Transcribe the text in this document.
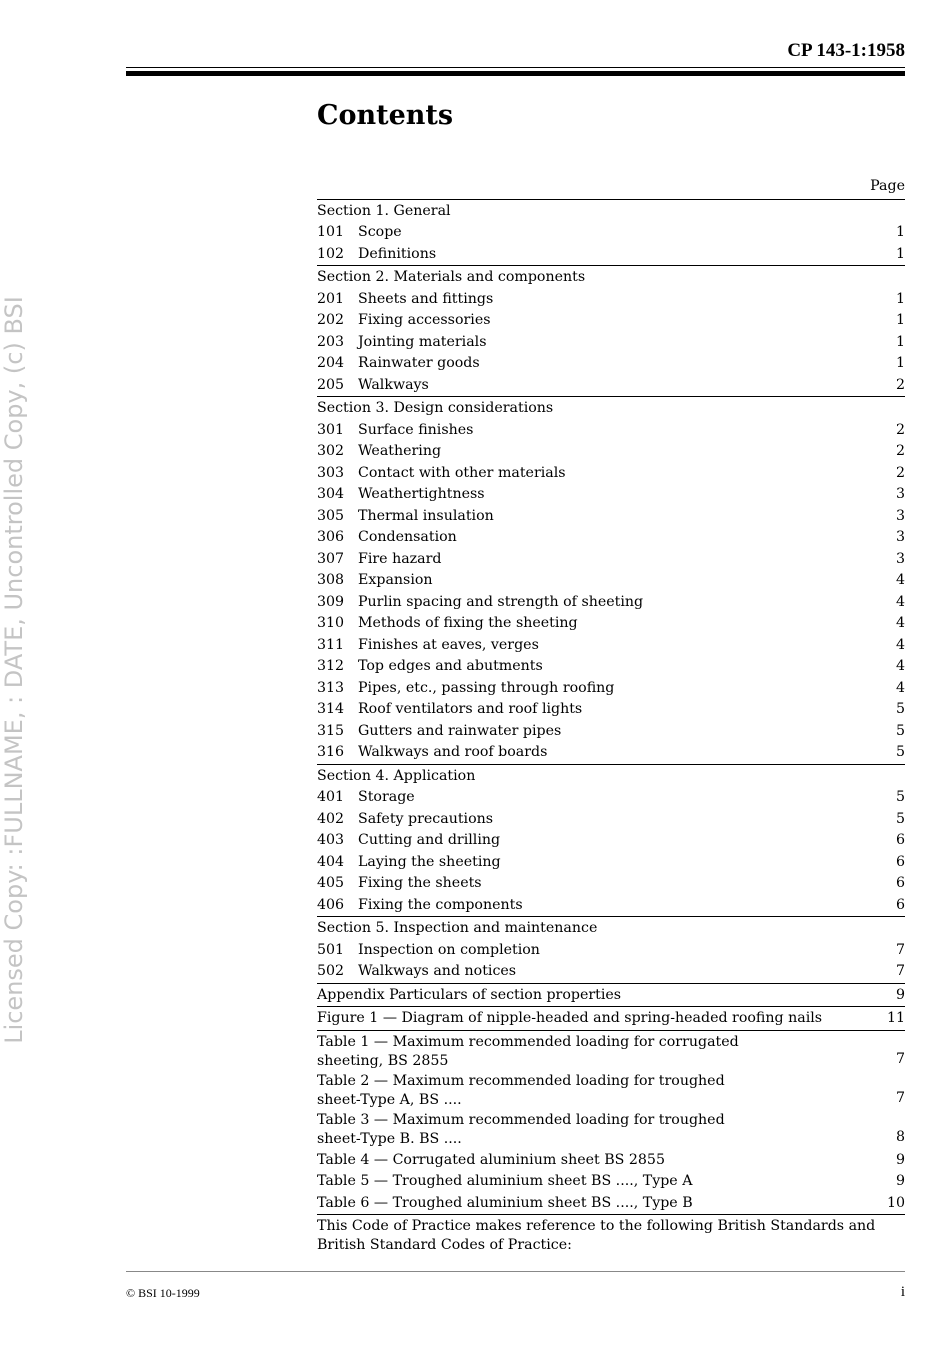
Licensed Copy: :FULLNAME, : DATE, Uncontrolled Copy, (c) BSI
CP 143-1:1958
Contents
Page
Section 1. General
101 Scope	1
102 Definitions	1
Section 2. Materials and components
201 Sheets and fittings	1
202 Fixing accessories	1
203 Jointing materials	1
204 Rainwater goods	1
205 Walkways	2
Section 3. Design considerations
301 Surface finishes	2
302 Weathering	2
303 Contact with other materials	2
304 Weathertightness	3
305 Thermal insulation	3
306 Condensation	3
307 Fire hazard	3
308 Expansion	4
309 Purlin spacing and strength of sheeting	4
310 Methods of fixing the sheeting	4
311 Finishes at eaves, verges	4
312 Top edges and abutments	4
313 Pipes, etc., passing through roofing	4
314 Roof ventilators and roof lights	5
315 Gutters and rainwater pipes	5
316 Walkways and roof boards	5
Section 4. Application
401 Storage	5
402 Safety precautions	5
403 Cutting and drilling	6
404 Laying the sheeting	6
405 Fixing the sheets	6
406 Fixing the components	6
Section 5. Inspection and maintenance
501 Inspection on completion	7
502 Walkways and notices	7
Appendix Particulars of section properties	9
Figure 1 — Diagram of nipple-headed and spring-headed roofing nails	11
Table 1 — Maximum recommended loading for corrugated sheeting, BS 2855	7
Table 2 — Maximum recommended loading for troughed sheet-Type A, BS ....	7
Table 3 — Maximum recommended loading for troughed sheet-Type B. BS ....	8
Table 4 — Corrugated aluminium sheet BS 2855	9
Table 5 — Troughed aluminium sheet BS ...., Type A	9
Table 6 — Troughed aluminium sheet BS ...., Type B	10
This Code of Practice makes reference to the following British Standards and British Standard Codes of Practice:
© BSI 10-1999	i
